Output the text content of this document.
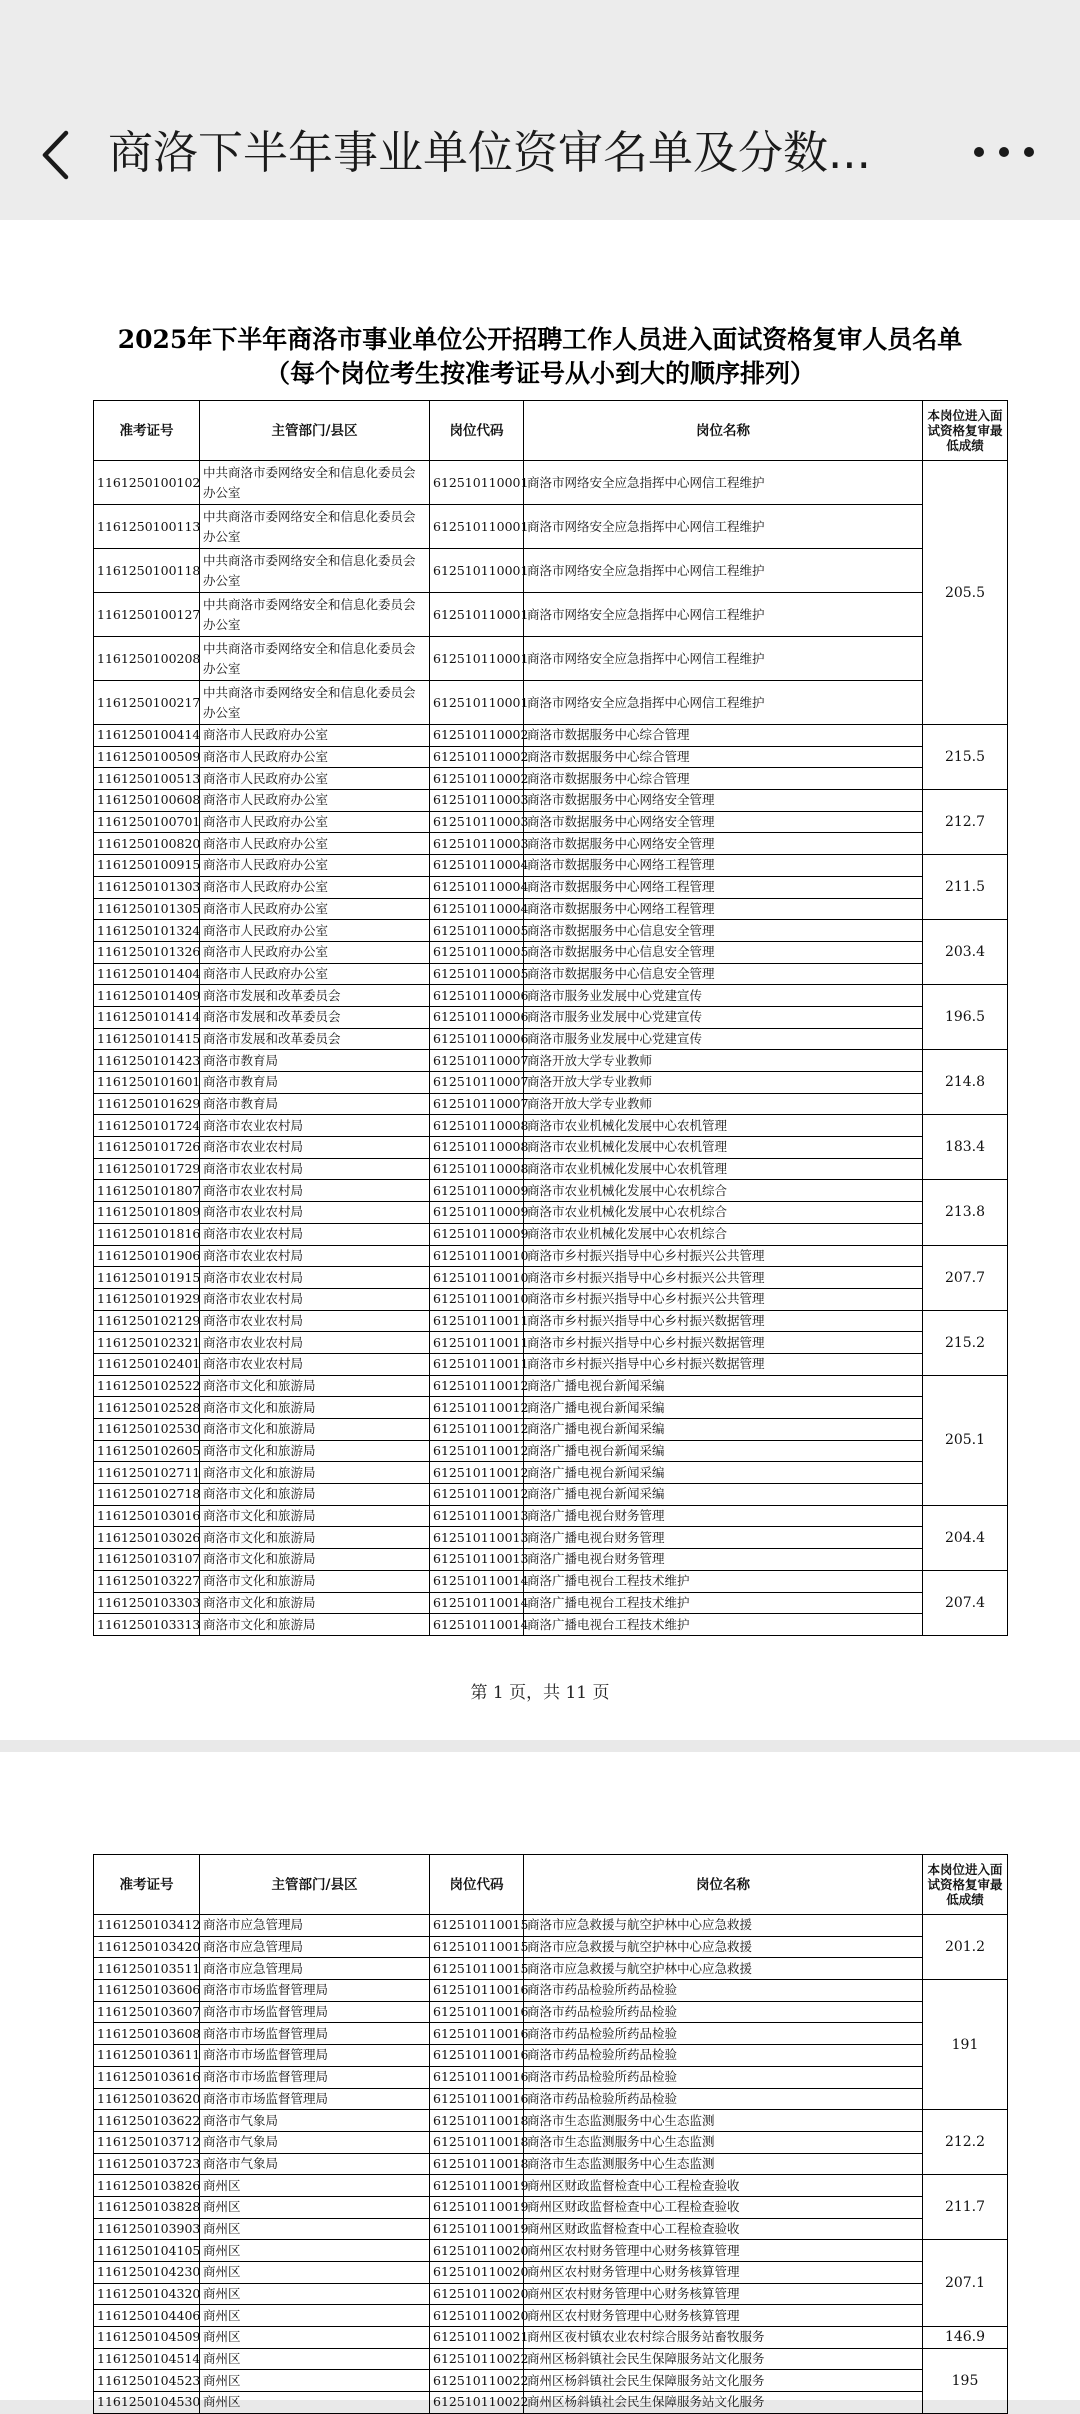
商洛下半年事业单位资审名单及分数...
2025年下半年商洛市事业单位公开招聘工作人员进入面试资格复审人员名单
（每个岗位考生按准考证号从小到大的顺序排列）
准考证号	主管部门/县区	岗位代码	岗位名称	本岗位进入面试资格复审最低成绩
1161250100102	中共商洛市委网络安全和信息化委员会办公室	612510110001	商洛市网络安全应急指挥中心网信工程维护	205.5
1161250100113	中共商洛市委网络安全和信息化委员会办公室	612510110001	商洛市网络安全应急指挥中心网信工程维护	
1161250100118	中共商洛市委网络安全和信息化委员会办公室	612510110001	商洛市网络安全应急指挥中心网信工程维护	
1161250100127	中共商洛市委网络安全和信息化委员会办公室	612510110001	商洛市网络安全应急指挥中心网信工程维护	
1161250100208	中共商洛市委网络安全和信息化委员会办公室	612510110001	商洛市网络安全应急指挥中心网信工程维护	
1161250100217	中共商洛市委网络安全和信息化委员会办公室	612510110001	商洛市网络安全应急指挥中心网信工程维护	
1161250100414	商洛市人民政府办公室	612510110002	商洛市数据服务中心综合管理	215.5
1161250100509	商洛市人民政府办公室	612510110002	商洛市数据服务中心综合管理	
1161250100513	商洛市人民政府办公室	612510110002	商洛市数据服务中心综合管理	
1161250100608	商洛市人民政府办公室	612510110003	商洛市数据服务中心网络安全管理	212.7
1161250100701	商洛市人民政府办公室	612510110003	商洛市数据服务中心网络安全管理	
1161250100820	商洛市人民政府办公室	612510110003	商洛市数据服务中心网络安全管理	
1161250100915	商洛市人民政府办公室	612510110004	商洛市数据服务中心网络工程管理	211.5
1161250101303	商洛市人民政府办公室	612510110004	商洛市数据服务中心网络工程管理	
1161250101305	商洛市人民政府办公室	612510110004	商洛市数据服务中心网络工程管理	
1161250101324	商洛市人民政府办公室	612510110005	商洛市数据服务中心信息安全管理	203.4
1161250101326	商洛市人民政府办公室	612510110005	商洛市数据服务中心信息安全管理	
1161250101404	商洛市人民政府办公室	612510110005	商洛市数据服务中心信息安全管理	
1161250101409	商洛市发展和改革委员会	612510110006	商洛市服务业发展中心党建宣传	196.5
1161250101414	商洛市发展和改革委员会	612510110006	商洛市服务业发展中心党建宣传	
1161250101415	商洛市发展和改革委员会	612510110006	商洛市服务业发展中心党建宣传	
1161250101423	商洛市教育局	612510110007	商洛开放大学专业教师	214.8
1161250101601	商洛市教育局	612510110007	商洛开放大学专业教师	
1161250101629	商洛市教育局	612510110007	商洛开放大学专业教师	
1161250101724	商洛市农业农村局	612510110008	商洛市农业机械化发展中心农机管理	183.4
1161250101726	商洛市农业农村局	612510110008	商洛市农业机械化发展中心农机管理	
1161250101729	商洛市农业农村局	612510110008	商洛市农业机械化发展中心农机管理	
1161250101807	商洛市农业农村局	612510110009	商洛市农业机械化发展中心农机综合	213.8
1161250101809	商洛市农业农村局	612510110009	商洛市农业机械化发展中心农机综合	
1161250101816	商洛市农业农村局	612510110009	商洛市农业机械化发展中心农机综合	
1161250101906	商洛市农业农村局	612510110010	商洛市乡村振兴指导中心乡村振兴公共管理	207.7
1161250101915	商洛市农业农村局	612510110010	商洛市乡村振兴指导中心乡村振兴公共管理	
1161250101929	商洛市农业农村局	612510110010	商洛市乡村振兴指导中心乡村振兴公共管理	
1161250102129	商洛市农业农村局	612510110011	商洛市乡村振兴指导中心乡村振兴数据管理	215.2
1161250102321	商洛市农业农村局	612510110011	商洛市乡村振兴指导中心乡村振兴数据管理	
1161250102401	商洛市农业农村局	612510110011	商洛市乡村振兴指导中心乡村振兴数据管理	
1161250102522	商洛市文化和旅游局	612510110012	商洛广播电视台新闻采编	205.1
1161250102528	商洛市文化和旅游局	612510110012	商洛广播电视台新闻采编	
1161250102530	商洛市文化和旅游局	612510110012	商洛广播电视台新闻采编	
1161250102605	商洛市文化和旅游局	612510110012	商洛广播电视台新闻采编	
1161250102711	商洛市文化和旅游局	612510110012	商洛广播电视台新闻采编	
1161250102718	商洛市文化和旅游局	612510110012	商洛广播电视台新闻采编	
1161250103016	商洛市文化和旅游局	612510110013	商洛广播电视台财务管理	204.4
1161250103026	商洛市文化和旅游局	612510110013	商洛广播电视台财务管理	
1161250103107	商洛市文化和旅游局	612510110013	商洛广播电视台财务管理	
1161250103227	商洛市文化和旅游局	612510110014	商洛广播电视台工程技术维护	207.4
1161250103303	商洛市文化和旅游局	612510110014	商洛广播电视台工程技术维护	
1161250103313	商洛市文化和旅游局	612510110014	商洛广播电视台工程技术维护	
第 1 页，共 11 页
准考证号	主管部门/县区	岗位代码	岗位名称	本岗位进入面试资格复审最低成绩
1161250103412	商洛市应急管理局	612510110015	商洛市应急救援与航空护林中心应急救援	201.2
1161250103420	商洛市应急管理局	612510110015	商洛市应急救援与航空护林中心应急救援	
1161250103511	商洛市应急管理局	612510110015	商洛市应急救援与航空护林中心应急救援	
1161250103606	商洛市市场监督管理局	612510110016	商洛市药品检验所药品检验	191
1161250103607	商洛市市场监督管理局	612510110016	商洛市药品检验所药品检验	
1161250103608	商洛市市场监督管理局	612510110016	商洛市药品检验所药品检验	
1161250103611	商洛市市场监督管理局	612510110016	商洛市药品检验所药品检验	
1161250103616	商洛市市场监督管理局	612510110016	商洛市药品检验所药品检验	
1161250103620	商洛市市场监督管理局	612510110016	商洛市药品检验所药品检验	
1161250103622	商洛市气象局	612510110018	商洛市生态监测服务中心生态监测	212.2
1161250103712	商洛市气象局	612510110018	商洛市生态监测服务中心生态监测	
1161250103723	商洛市气象局	612510110018	商洛市生态监测服务中心生态监测	
1161250103826	商州区	612510110019	商州区财政监督检查中心工程检查验收	211.7
1161250103828	商州区	612510110019	商州区财政监督检查中心工程检查验收	
1161250103903	商州区	612510110019	商州区财政监督检查中心工程检查验收	
1161250104105	商州区	612510110020	商州区农村财务管理中心财务核算管理	207.1
1161250104230	商州区	612510110020	商州区农村财务管理中心财务核算管理	
1161250104320	商州区	612510110020	商州区农村财务管理中心财务核算管理	
1161250104406	商州区	612510110020	商州区农村财务管理中心财务核算管理	
1161250104509	商州区	612510110021	商州区夜村镇农业农村综合服务站畜牧服务	146.9
1161250104514	商州区	612510110022	商州区杨斜镇社会民生保障服务站文化服务	195
1161250104523	商州区	612510110022	商州区杨斜镇社会民生保障服务站文化服务	
1161250104530	商州区	612510110022	商州区杨斜镇社会民生保障服务站文化服务	
